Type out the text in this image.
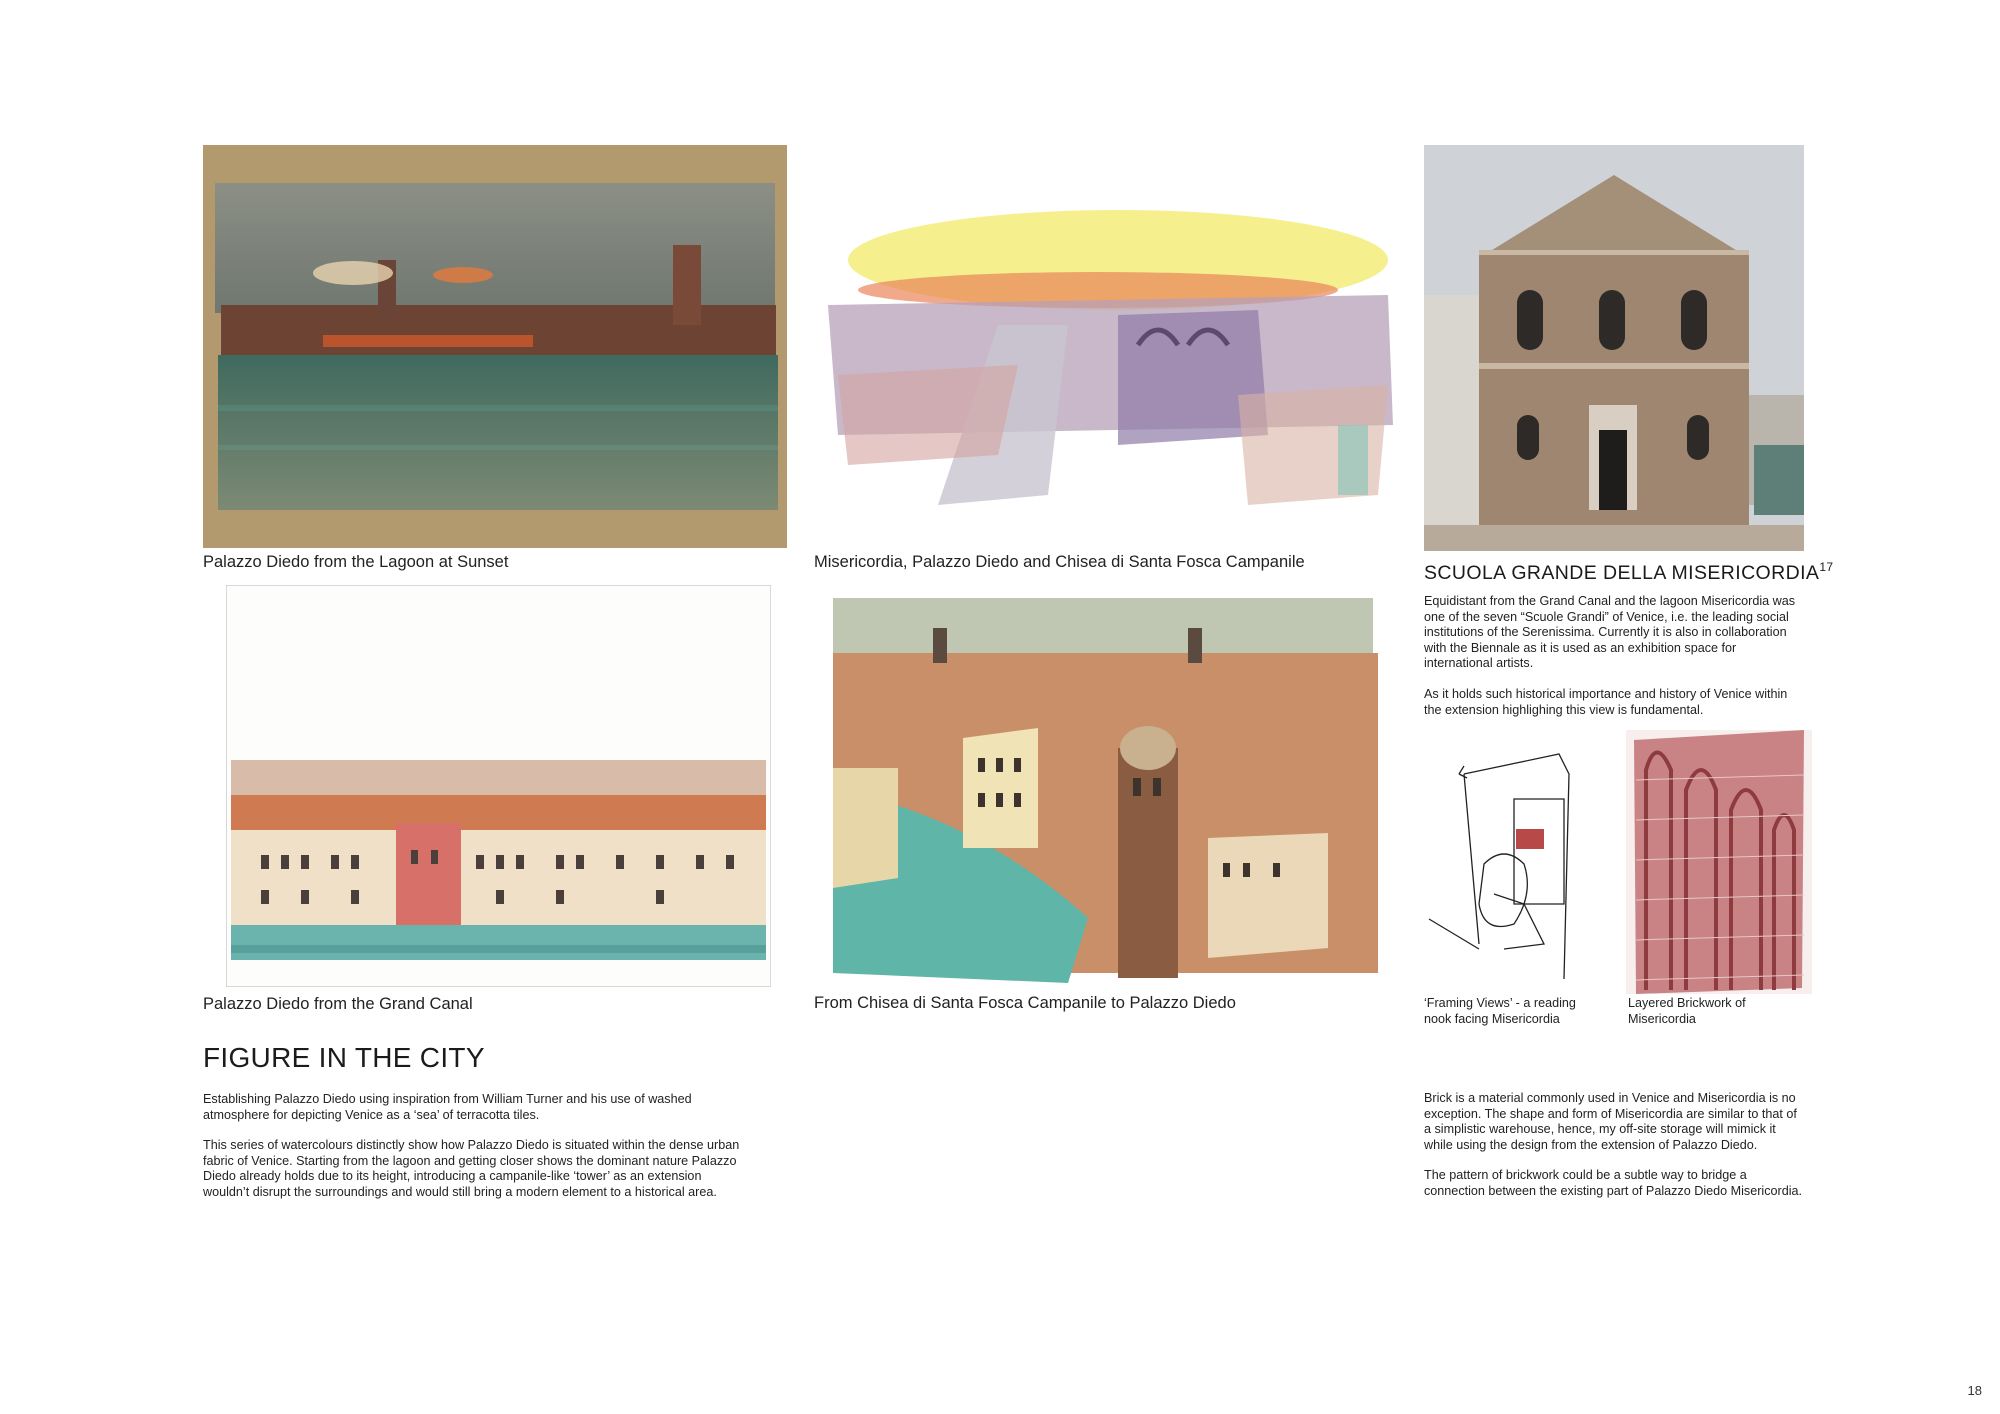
Palazzo Diedo from the Lagoon at Sunset	Misericordia, Palazzo Diedo and Chisea di Santa Fosca Campanile	SCUOLA GRANDE DELLA MISERICORDIA$^{17}$

Equidistant from the Grand Canal and the lagoon Misericordia was one of the seven “Scuole Grandi” of Venice, i.e. the leading social institutions of the Serenissima. Currently it is also in collaboration with the Biennale as it is used as an exhibition space for international artists.

As it holds such historical importance and history of Venice within the extension highlighing this view is fundamental.

Palazzo Diedo from the Grand Canal	From Chisea di Santa Fosca Campanile to Palazzo Diedo	‘Framing Views’ - a reading nook facing Misericordia
Layered Brickwork of Misericordia
FIGURE IN THE CITY

Establishing Palazzo Diedo using inspiration from William Turner and his use of washed atmosphere for depicting Venice as a ‘sea’ of terracotta tiles.

This series of watercolours distinctly show how Palazzo Diedo is situated within the dense urban fabric of Venice. Starting from the lagoon and getting closer shows the dominant nature Palazzo Diedo already holds due to its height, introducing a campanile-like ‘tower’ as an extension wouldn’t disrupt the surroundings and would still bring a modern element to a historical area.

Brick is a material commonly used in Venice and Misericordia is no exception. The shape and form of Misericordia are similar to that of a simplistic warehouse, hence, my off-site storage will mimick it while using the design from the extension of Palazzo Diedo.

The pattern of brickwork could be a subtle way to bridge a connection between the existing part of Palazzo Diedo Misericordia.

18
